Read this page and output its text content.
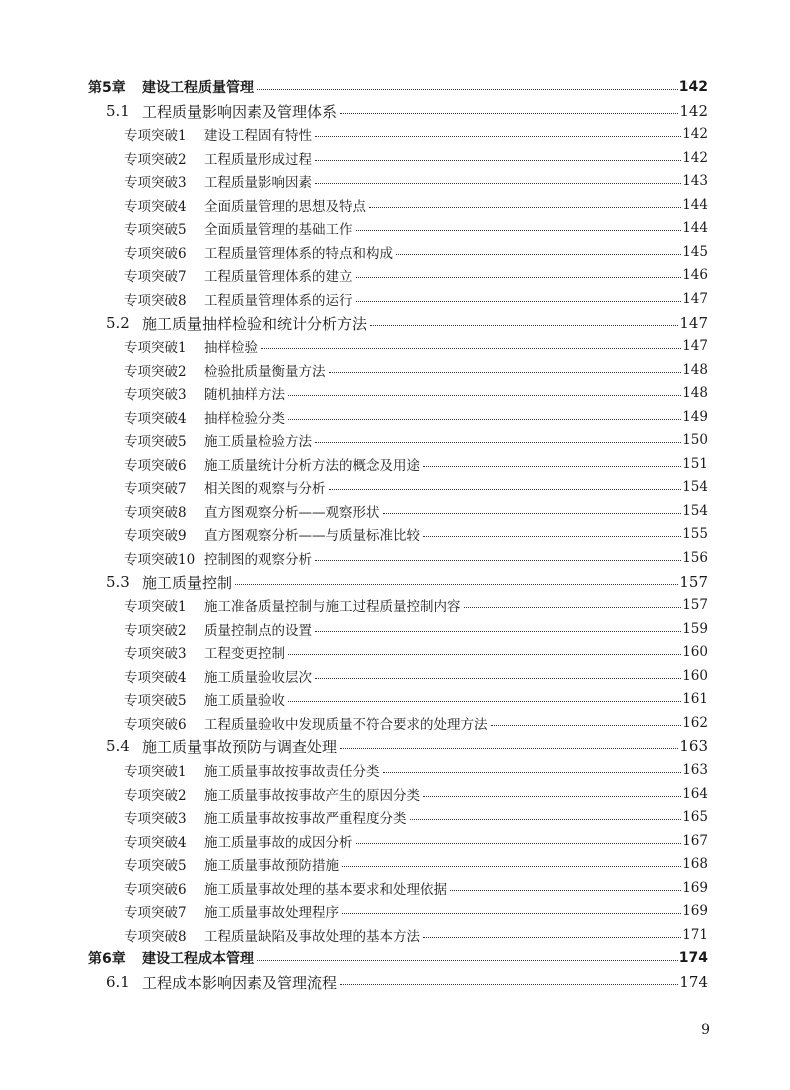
第5章	建设工程质量管理	142
5.1 工程质量影响因素及管理体系	142
专项突破1	建设工程固有特性	142
专项突破2	工程质量形成过程	142
专项突破3	工程质量影响因素	143
专项突破4	全面质量管理的思想及特点	144
专项突破5	全面质量管理的基础工作	144
专项突破6	工程质量管理体系的特点和构成	145
专项突破7	工程质量管理体系的建立	146
专项突破8	工程质量管理体系的运行	147
5.2 施工质量抽样检验和统计分析方法	147
专项突破1	抽样检验	147
专项突破2	检验批质量衡量方法	148
专项突破3	随机抽样方法	148
专项突破4	抽样检验分类	149
专项突破5	施工质量检验方法	150
专项突破6	施工质量统计分析方法的概念及用途	151
专项突破7	相关图的观察与分析	154
专项突破8	直方图观察分析——观察形状	154
专项突破9	直方图观察分析——与质量标准比较	155
专项突破10 控制图的观察分析	156
5.3 施工质量控制	157
专项突破1	施工准备质量控制与施工过程质量控制内容	157
专项突破2	质量控制点的设置	159
专项突破3	工程变更控制	160
专项突破4	施工质量验收层次	160
专项突破5	施工质量验收	161
专项突破6	工程质量验收中发现质量不符合要求的处理方法	162
5.4 施工质量事故预防与调查处理	163
专项突破1	施工质量事故按事故责任分类	163
专项突破2	施工质量事故按事故产生的原因分类	164
专项突破3	施工质量事故按事故严重程度分类	165
专项突破4	施工质量事故的成因分析	167
专项突破5	施工质量事故预防措施	168
专项突破6	施工质量事故处理的基本要求和处理依据	169
专项突破7	施工质量事故处理程序	169
专项突破8	工程质量缺陷及事故处理的基本方法	171
第6章	建设工程成本管理	174
6.1 工程成本影响因素及管理流程	174
9
